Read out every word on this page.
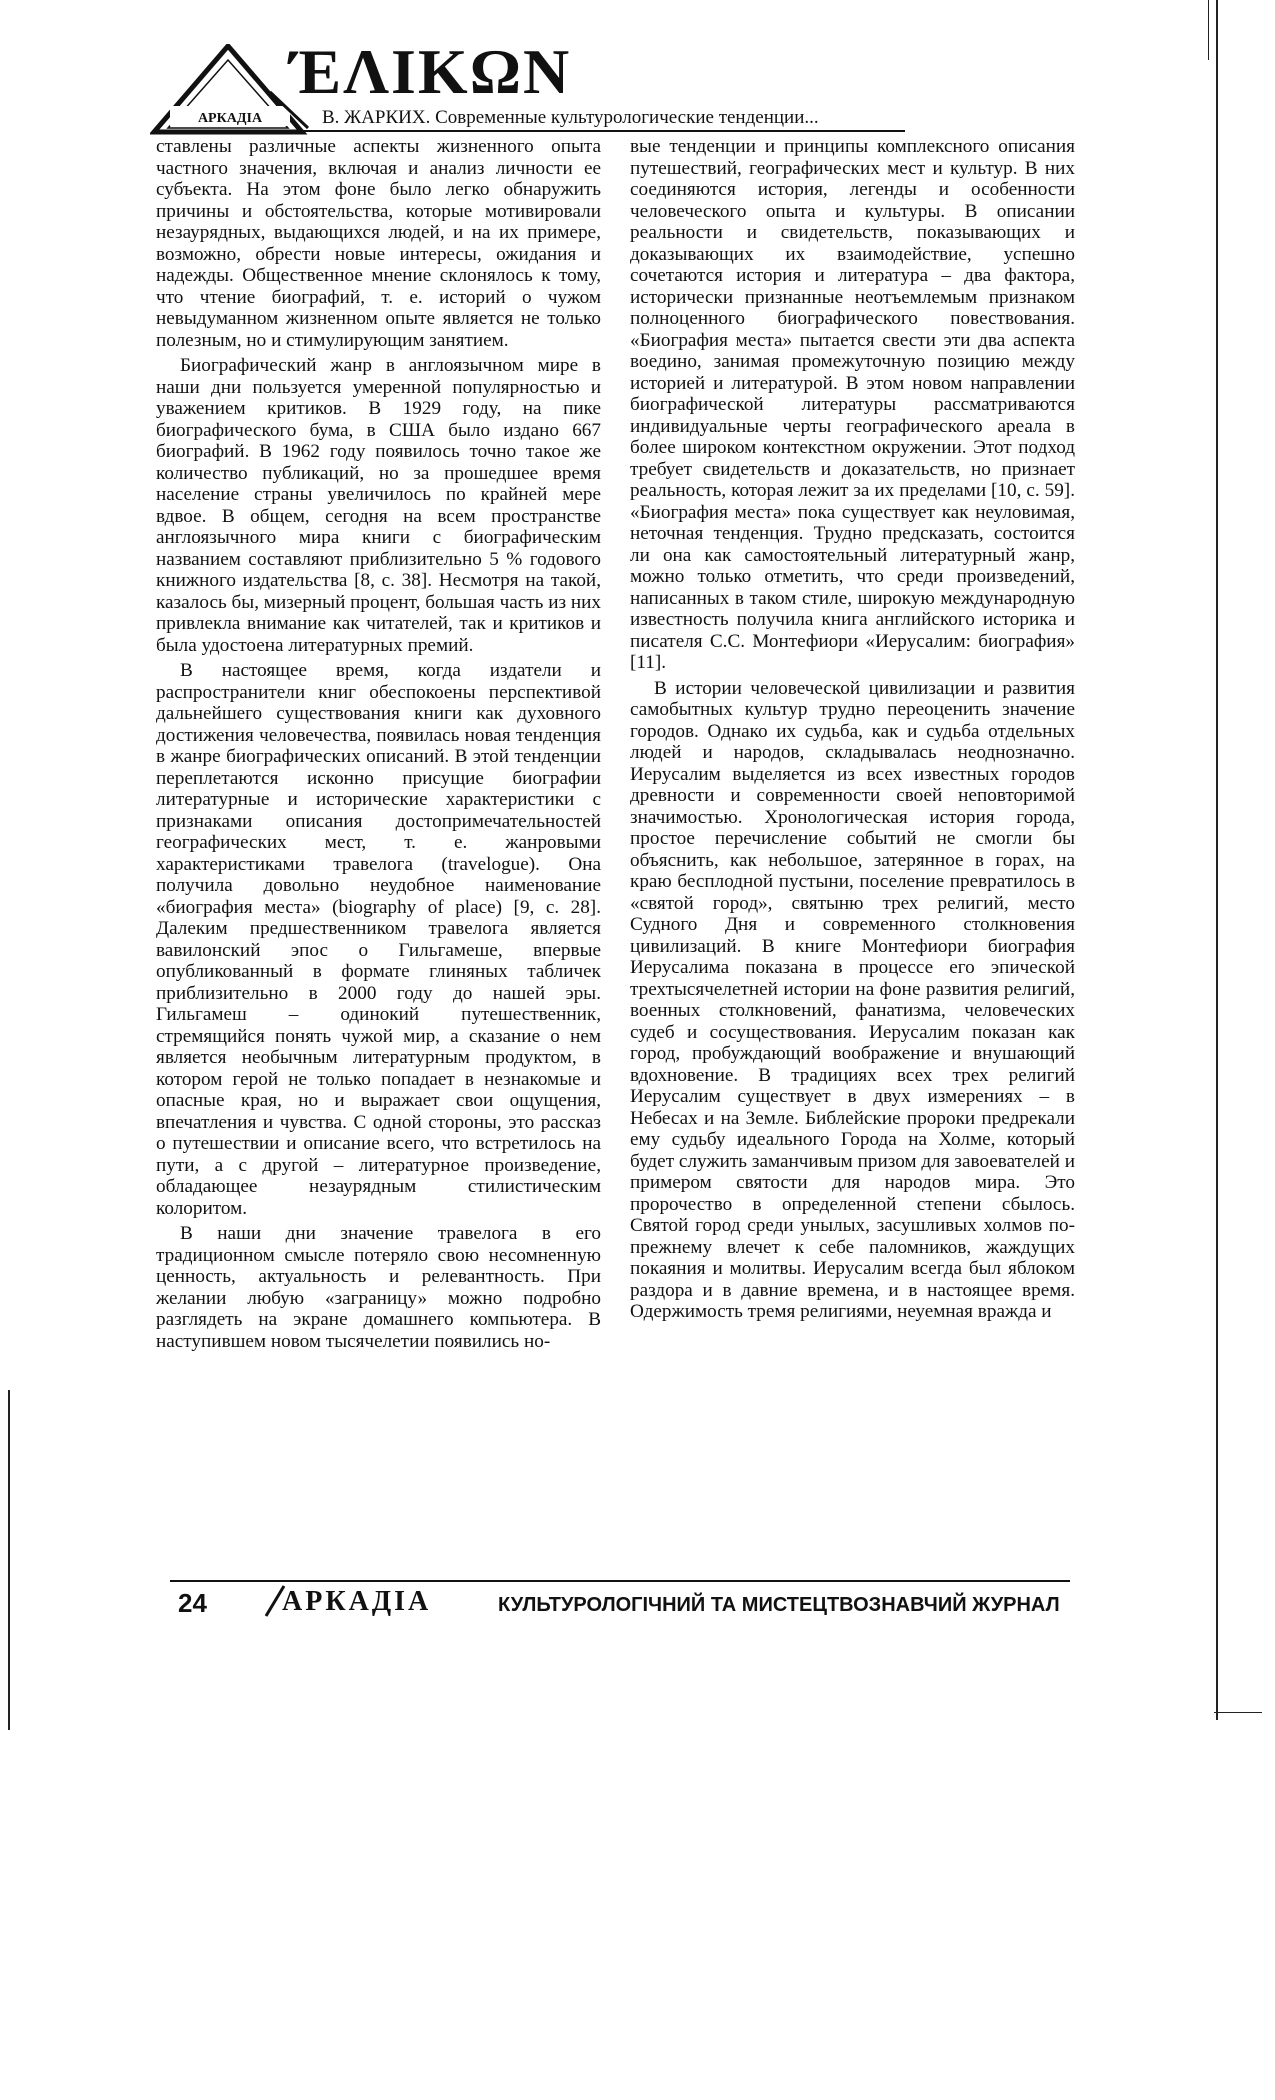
АРКАДІА
ΈΛΙΚΩΝ
В. ЖАРКИХ. Современные культурологические тенденции...

ставлены различные аспекты жизненного опыта частного значения, включая и анализ личности ее субъекта. На этом фоне было легко обнаружить причины и обстоятельства, которые мотивировали незаурядных, выдающихся людей, и на их примере, возможно, обрести новые интересы, ожидания и надежды. Общественное мнение склонялось к тому, что чтение биографий, т. е. историй о чужом невыдуманном жизненном опыте является не только полезным, но и стимулирующим занятием.

Биографический жанр в англоязычном мире в наши дни пользуется умеренной популярностью и уважением критиков. В 1929 году, на пике биографического бума, в США было издано 667 биографий. В 1962 году появилось точно такое же количество публикаций, но за прошедшее время население страны увеличилось по крайней мере вдвое. В общем, сегодня на всем пространстве англоязычного мира книги с биографическим названием составляют приблизительно 5 % годового книжного издательства [8, с. 38]. Несмотря на такой, казалось бы, мизерный процент, большая часть из них привлекла внимание как читателей, так и критиков и была удостоена литературных премий.

В настоящее время, когда издатели и распространители книг обеспокоены перспективой дальнейшего существования книги как духовного достижения человечества, появилась новая тенденция в жанре биографических описаний. В этой тенденции переплетаются исконно присущие биографии литературные и исторические характеристики с признаками описания достопримечательностей географических мест, т. е. жанровыми характеристиками травелога (travelogue). Она получила довольно неудобное наименование «биография места» (biography of place) [9, с. 28]. Далеким предшественником травелога является вавилонский эпос о Гильгамеше, впервые опубликованный в формате глиняных табличек приблизительно в 2000 году до нашей эры. Гильгамеш – одинокий путешественник, стремящийся понять чужой мир, а сказание о нем является необычным литературным продуктом, в котором герой не только попадает в незнакомые и опасные края, но и выражает свои ощущения, впечатления и чувства. С одной стороны, это рассказ о путешествии и описание всего, что встретилось на пути, а с другой – литературное произведение, обладающее незаурядным стилистическим колоритом.

В наши дни значение травелога в его традиционном смысле потеряло свою несомненную ценность, актуальность и релевантность. При желании любую «заграницу» можно подробно разглядеть на экране домашнего компьютера. В наступившем новом тысячелетии появились но-

вые тенденции и принципы комплексного описания путешествий, географических мест и культур. В них соединяются история, легенды и особенности человеческого опыта и культуры. В описании реальности и свидетельств, показывающих и доказывающих их взаимодействие, успешно сочетаются история и литература – два фактора, исторически признанные неотъемлемым признаком полноценного биографического повествования. «Биография места» пытается свести эти два аспекта воедино, занимая промежуточную позицию между историей и литературой. В этом новом направлении биографической литературы рассматриваются индивидуальные черты географического ареала в более широком контекстном окружении. Этот подход требует свидетельств и доказательств, но признает реальность, которая лежит за их пределами [10, с. 59]. «Биография места» пока существует как неуловимая, неточная тенденция. Трудно предсказать, состоится ли она как самостоятельный литературный жанр, можно только отметить, что среди произведений, написанных в таком стиле, широкую международную известность получила книга английского историка и писателя С.С. Монтефиори «Иерусалим: биография» [11].

В истории человеческой цивилизации и развития самобытных культур трудно переоценить значение городов. Однако их судьба, как и судьба отдельных людей и народов, складывалась неоднозначно. Иерусалим выделяется из всех известных городов древности и современности своей неповторимой значимостью. Хронологическая история города, простое перечисление событий не смогли бы объяснить, как небольшое, затерянное в горах, на краю бесплодной пустыни, поселение превратилось в «святой город», святыню трех религий, место Судного Дня и современного столкновения цивилизаций. В книге Монтефиори биография Иерусалима показана в процессе его эпической трехтысячелетней истории на фоне развития религий, военных столкновений, фанатизма, человеческих судеб и сосуществования. Иерусалим показан как город, пробуждающий воображение и внушающий вдохновение. В традициях всех трех религий Иерусалим существует в двух измерениях – в Небесах и на Земле. Библейские пророки предрекали ему судьбу идеального Города на Холме, который будет служить заманчивым призом для завоевателей и примером святости для народов мира. Это пророчество в определенной степени сбылось. Святой город среди унылых, засушливых холмов по-прежнему влечет к себе паломников, жаждущих покаяния и молитвы. Иерусалим всегда был яблоком раздора и в давние времена, и в настоящее время. Одержимость тремя религиями, неуемная вражда и

24	АРКАДІА	КУЛЬТУРОЛОГІЧНИЙ ТА МИСТЕЦТВОЗНАВЧИЙ ЖУРНАЛ
